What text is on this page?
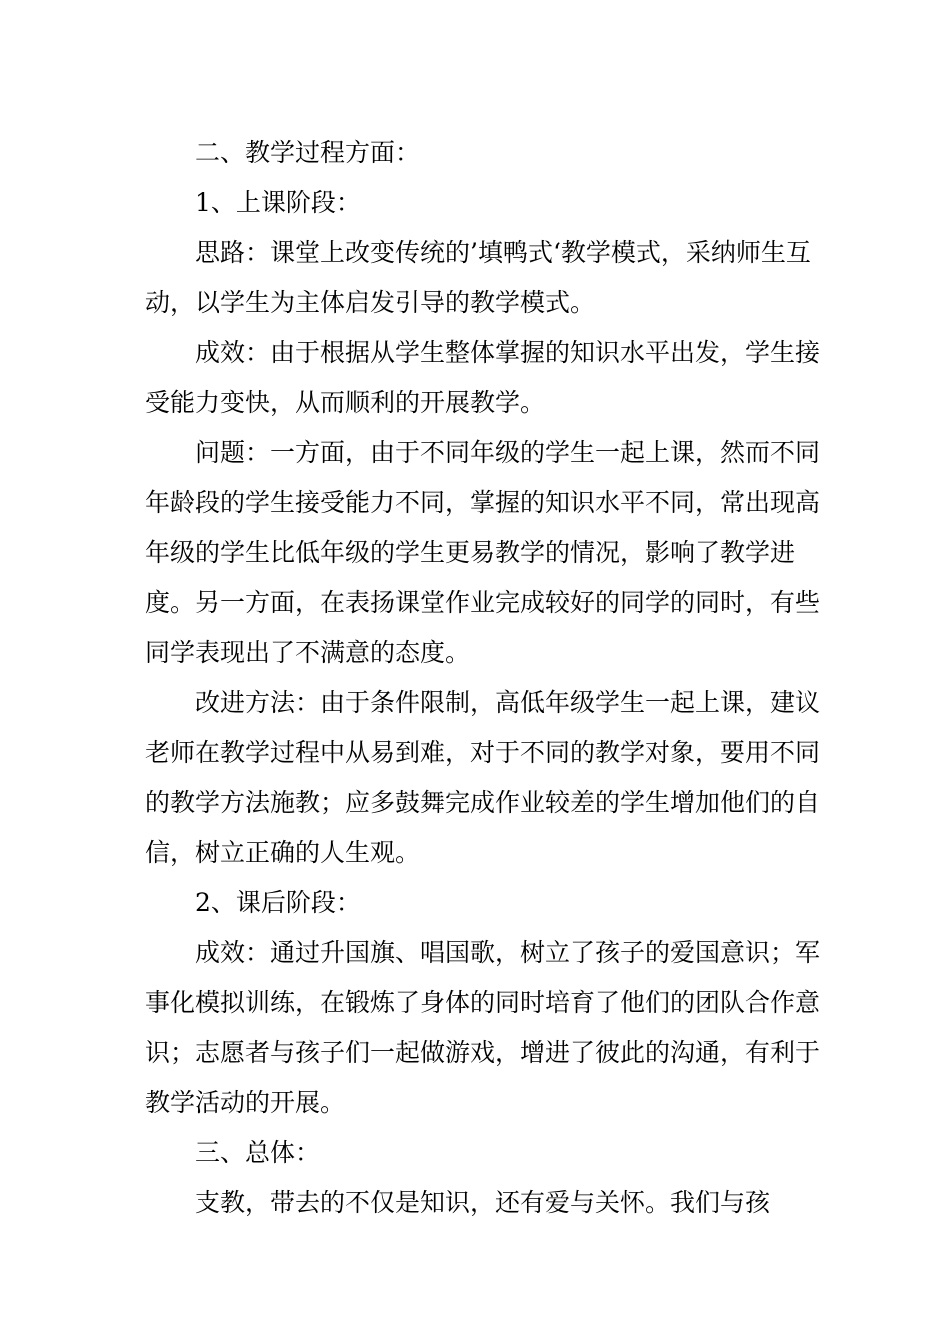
二、教学过程方面：

1、上课阶段：

思路：课堂上改变传统的’填鸭式‘教学模式，采纳师生互动，以学生为主体启发引导的教学模式。

成效：由于根据从学生整体掌握的知识水平出发，学生接受能力变快，从而顺利的开展教学。

问题：一方面，由于不同年级的学生一起上课，然而不同年龄段的学生接受能力不同，掌握的知识水平不同，常出现高年级的学生比低年级的学生更易教学的情况，影响了教学进度。另一方面，在表扬课堂作业完成较好的同学的同时，有些同学表现出了不满意的态度。

改进方法：由于条件限制，高低年级学生一起上课，建议老师在教学过程中从易到难，对于不同的教学对象，要用不同的教学方法施教；应多鼓舞完成作业较差的学生增加他们的自信，树立正确的人生观。

2、课后阶段：

成效：通过升国旗、唱国歌，树立了孩子的爱国意识；军事化模拟训练，在锻炼了身体的同时培育了他们的团队合作意识；志愿者与孩子们一起做游戏，增进了彼此的沟通，有利于教学活动的开展。

三、总体：

支教，带去的不仅是知识，还有爱与关怀。我们与孩
